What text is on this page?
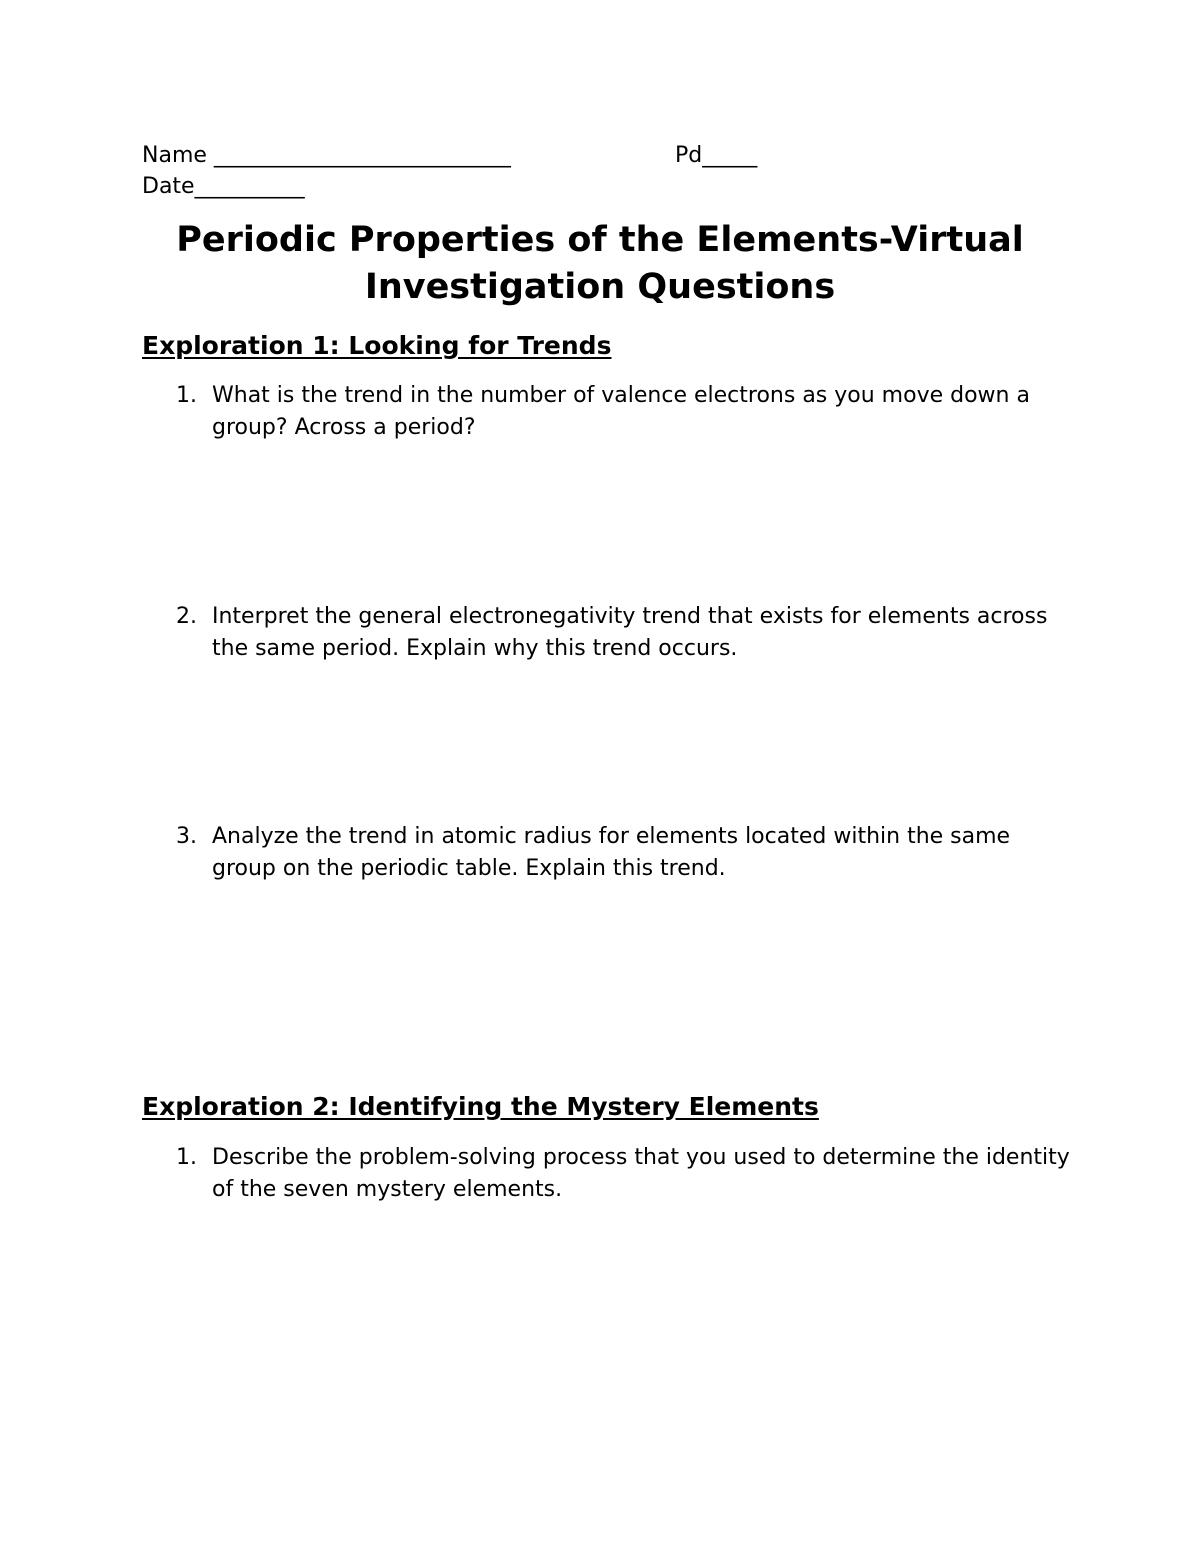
Name ___________________________	Pd_____
Date__________
Periodic Properties of the Elements-Virtual
Investigation Questions
Exploration 1: Looking for Trends
1. What is the trend in the number of valence electrons as you move down a group? Across a period?
2. Interpret the general electronegativity trend that exists for elements across the same period. Explain why this trend occurs.
3. Analyze the trend in atomic radius for elements located within the same group on the periodic table. Explain this trend.
Exploration 2: Identifying the Mystery Elements
1. Describe the problem-solving process that you used to determine the identity of the seven mystery elements.
